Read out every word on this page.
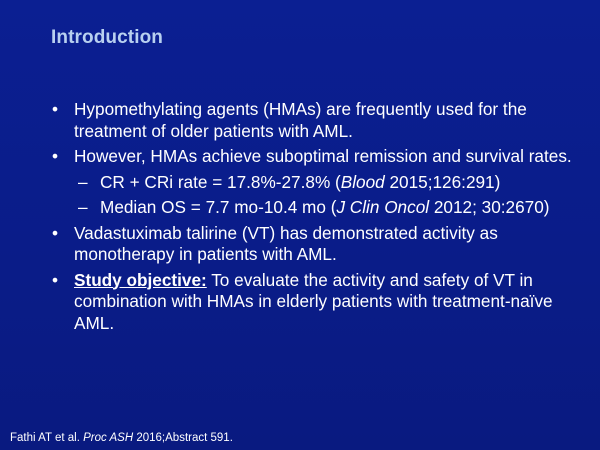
Introduction
• Hypomethylating agents (HMAs) are frequently used for the treatment of older patients with AML.
• However, HMAs achieve suboptimal remission and survival rates.
– CR + CRi rate = 17.8%-27.8% (Blood 2015;126:291)
– Median OS = 7.7 mo-10.4 mo (J Clin Oncol 2012; 30:2670)
• Vadastuximab talirine (VT) has demonstrated activity as monotherapy in patients with AML.
• Study objective: To evaluate the activity and safety of VT in combination with HMAs in elderly patients with treatment-naïve AML.
Fathi AT et al. Proc ASH 2016;Abstract 591.
